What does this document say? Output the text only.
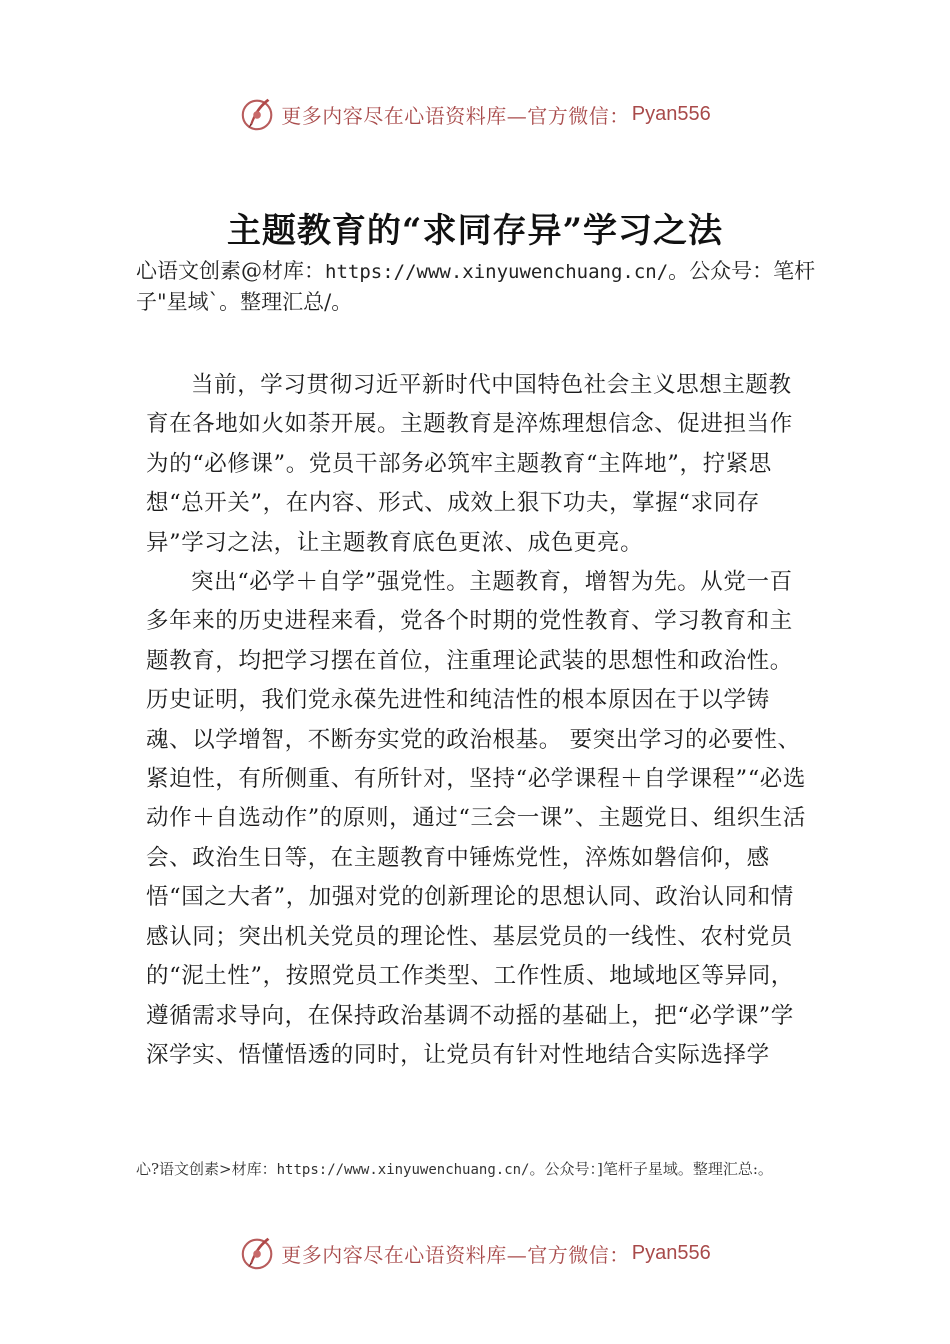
更多内容尽在心语资料库—官方微信： Pyan556
主题教育的“求同存异”学习之法
心语文创素@材库：https://www.xinyuwenchuang.cn/。公众号：笔杆子"星域`。整理汇总/。

当前，学习贯彻习近平新时代中国特色社会主义思想主题教育在各地如火如荼开展。主题教育是淬炼理想信念、促进担当作为的“必修课”。党员干部务必筑牢主题教育“主阵地”，拧紧思想“总开关”，在内容、形式、成效上狠下功夫，掌握“求同存异”学习之法，让主题教育底色更浓、成色更亮。

突出“必学＋自学”强党性。主题教育，增智为先。从党一百多年来的历史进程来看，党各个时期的党性教育、学习教育和主题教育，均把学习摆在首位，注重理论武装的思想性和政治性。历史证明，我们党永葆先进性和纯洁性的根本原因在于以学铸魂、以学增智，不断夯实党的政治根基。 要突出学习的必要性、紧迫性，有所侧重、有所针对，坚持“必学课程＋自学课程”“必选动作＋自选动作”的原则，通过“三会一课”、主题党日、组织生活会、政治生日等，在主题教育中锤炼党性，淬炼如磐信仰，感悟“国之大者”，加强对党的创新理论的思想认同、政治认同和情感认同；突出机关党员的理论性、基层党员的一线性、农村党员的“泥土性”，按照党员工作类型、工作性质、地域地区等异同，遵循需求导向，在保持政治基调不动摇的基础上，把“必学课”学深学实、悟懂悟透的同时，让党员有针对性地结合实际选择学

心?语文创素>材库：https://www.xinyuwenchuang.cn/。公众号：]笔杆子星域。整理汇总:。
更多内容尽在心语资料库—官方微信： Pyan556
